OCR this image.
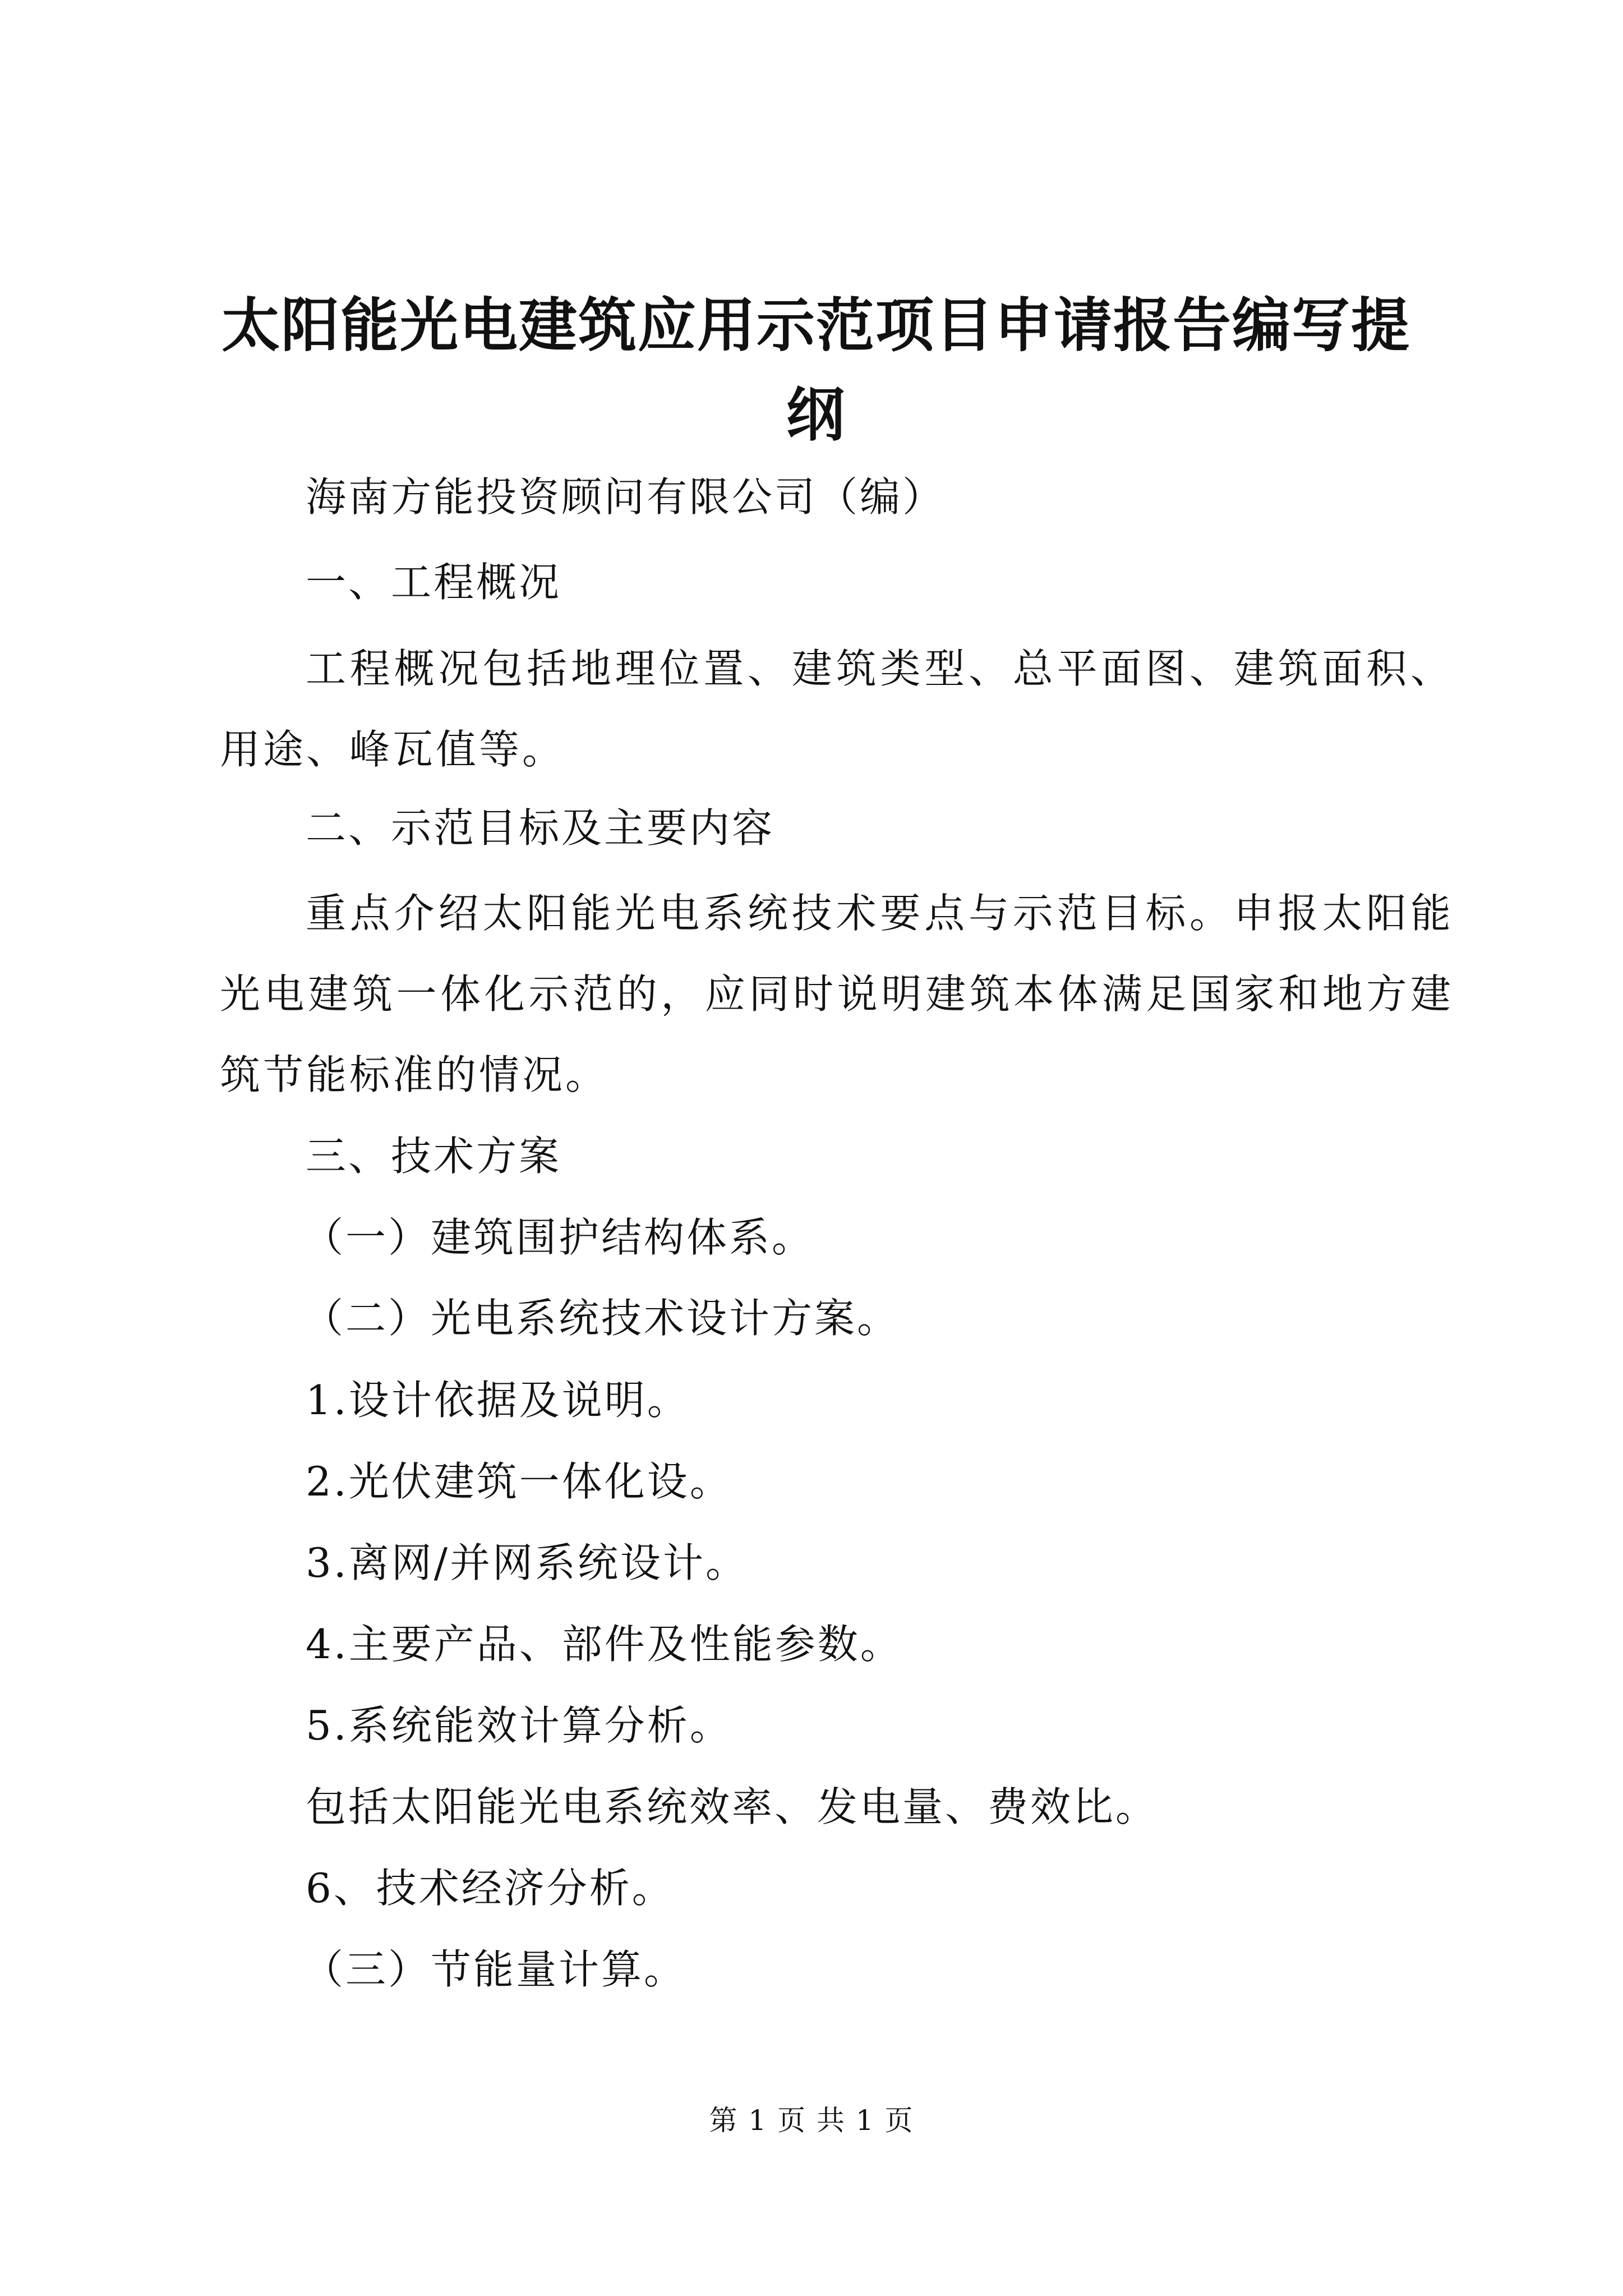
太阳能光电建筑应用示范项目申请报告编写提纲
海南方能投资顾问有限公司（编）
一、工程概况
工程概况包括地理位置、建筑类型、总平面图、建筑面积、用途、峰瓦值等。
二、示范目标及主要内容
重点介绍太阳能光电系统技术要点与示范目标。申报太阳能光电建筑一体化示范的，应同时说明建筑本体满足国家和地方建筑节能标准的情况。
三、技术方案
（一）建筑围护结构体系。
（二）光电系统技术设计方案。
1.设计依据及说明。
2.光伏建筑一体化设。
3.离网/并网系统设计。
4.主要产品、部件及性能参数。
5.系统能效计算分析。
包括太阳能光电系统效率、发电量、费效比。
6、技术经济分析。
（三）节能量计算。
第 1 页 共 1 页
